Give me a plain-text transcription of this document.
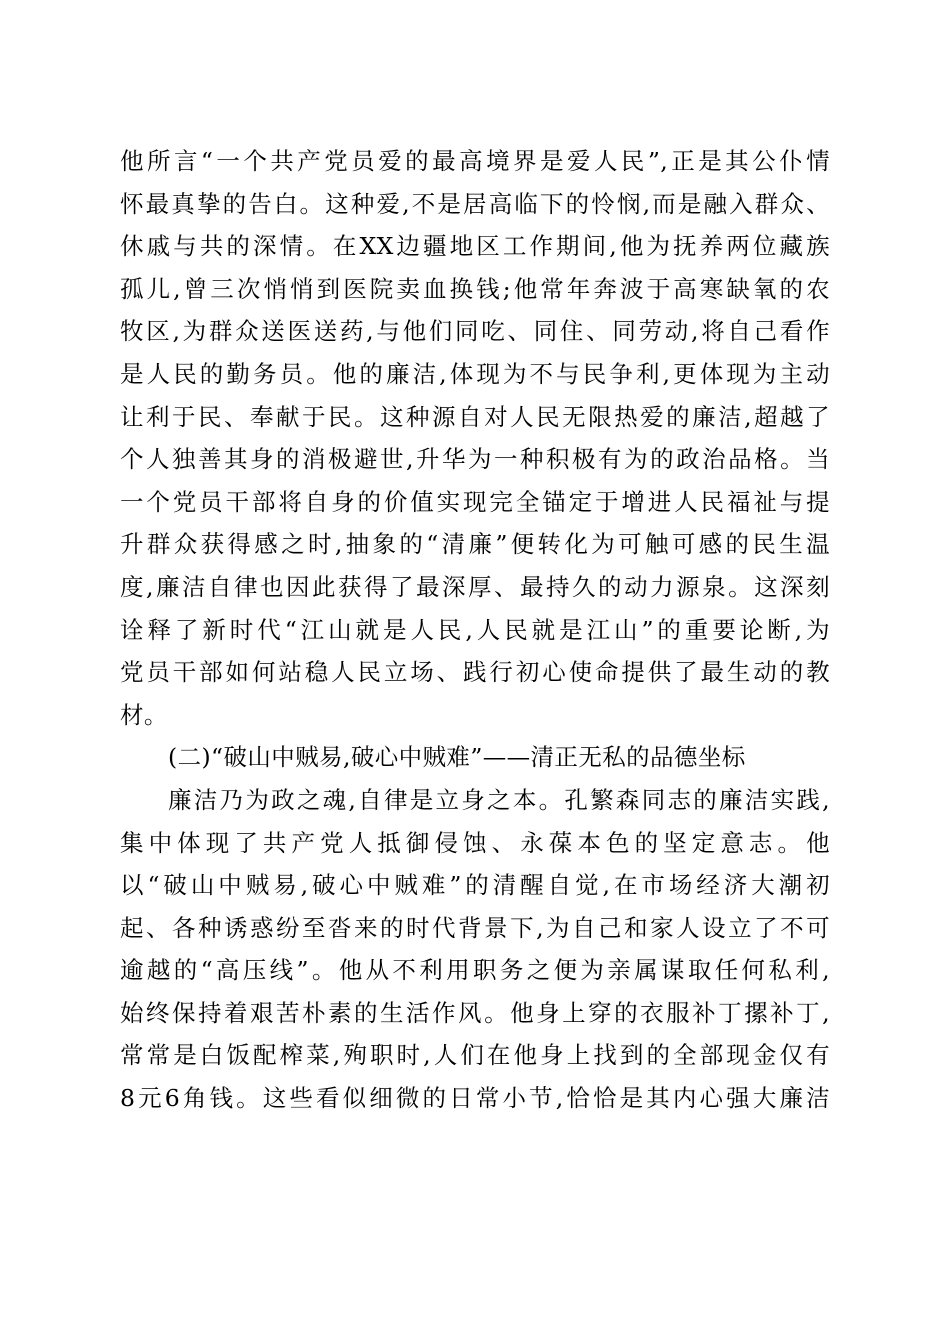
他所言“一个共产党员爱的最高境界是爱人民”,正是其公仆情
怀最真挚的告白。这种爱,不是居高临下的怜悯,而是融入群众、
休戚与共的深情。在XX边疆地区工作期间,他为抚养两位藏族
孤儿,曾三次悄悄到医院卖血换钱;他常年奔波于高寒缺氧的农
牧区,为群众送医送药,与他们同吃、同住、同劳动,将自己看作
是人民的勤务员。他的廉洁,体现为不与民争利,更体现为主动
让利于民、奉献于民。这种源自对人民无限热爱的廉洁,超越了
个人独善其身的消极避世,升华为一种积极有为的政治品格。当
一个党员干部将自身的价值实现完全锚定于增进人民福祉与提
升群众获得感之时,抽象的“清廉”便转化为可触可感的民生温
度,廉洁自律也因此获得了最深厚、最持久的动力源泉。这深刻
诠释了新时代“江山就是人民,人民就是江山”的重要论断,为
党员干部如何站稳人民立场、践行初心使命提供了最生动的教
材。
(二)“破山中贼易,破心中贼难”——清正无私的品德坐标
廉洁乃为政之魂,自律是立身之本。孔繁森同志的廉洁实践,
集中体现了共产党人抵御侵蚀、永葆本色的坚定意志。他
以“破山中贼易,破心中贼难”的清醒自觉,在市场经济大潮初
起、各种诱惑纷至沓来的时代背景下,为自己和家人设立了不可
逾越的“高压线”。他从不利用职务之便为亲属谋取任何私利,
始终保持着艰苦朴素的生活作风。他身上穿的衣服补丁摞补丁,
常常是白饭配榨菜,殉职时,人们在他身上找到的全部现金仅有
8元6角钱。这些看似细微的日常小节,恰恰是其内心强大廉洁
